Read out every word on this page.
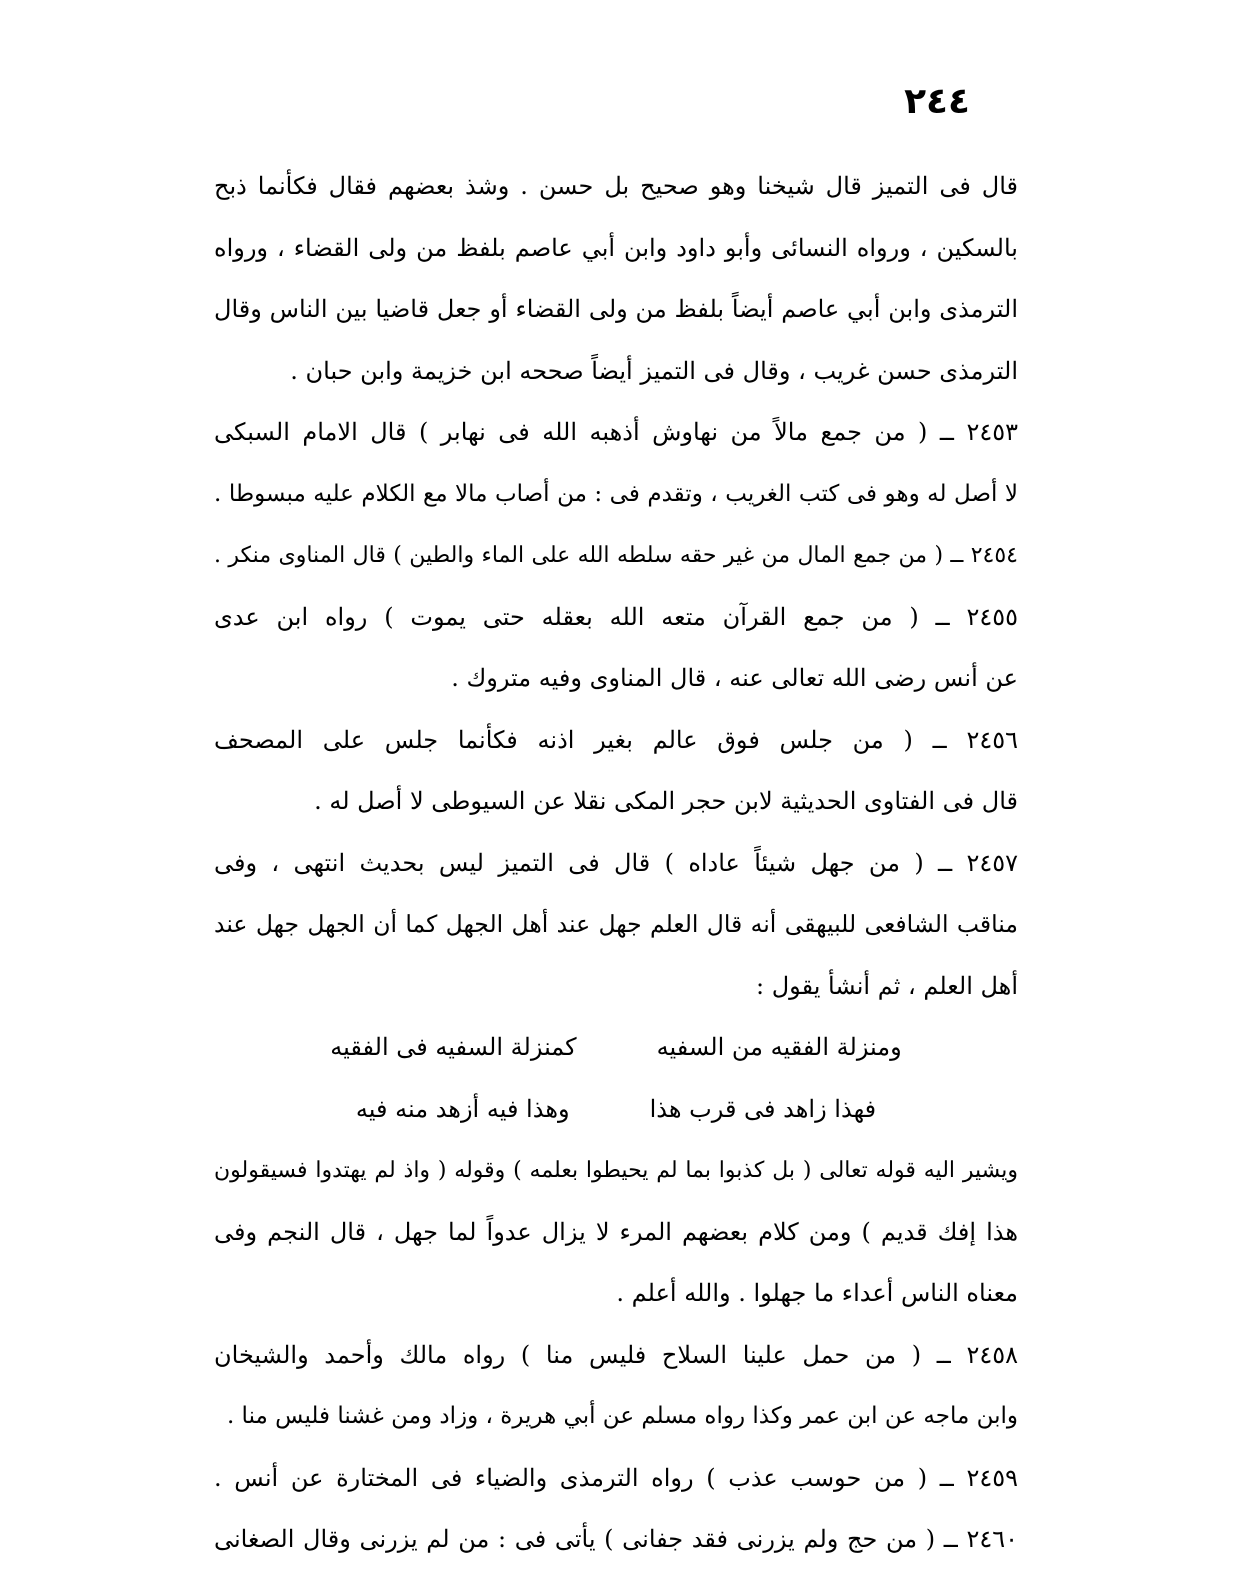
٢٤٤
قال فى التميز قال شيخنا وهو صحيح بل حسن . وشذ بعضهم فقال فكأنما ذبح
بالسكين ، ورواه النسائى وأبو داود وابن أبي عاصم بلفظ من ولى القضاء ، ورواه
الترمذى وابن أبي عاصم أيضاً بلفظ من ولى القضاء أو جعل قاضيا بين الناس وقال
الترمذى حسن غريب ، وقال فى التميز أيضاً صححه ابن خزيمة وابن حبان .
٢٤٥٣ ــ ( من جمع مالاً من نهاوش أذهبه الله فى نهابر ) قال الامام السبكى
لا أصل له وهو فى كتب الغريب ، وتقدم فى : من أصاب مالا مع الكلام عليه مبسوطا .
٢٤٥٤ ــ ( من جمع المال من غير حقه سلطه الله على الماء والطين ) قال المناوى منكر .
٢٤٥٥ ــ ( من جمع القرآن متعه الله بعقله حتى يموت ) رواه ابن عدى
عن أنس رضى الله تعالى عنه ، قال المناوى وفيه متروك .
٢٤٥٦ ــ ( من جلس فوق عالم بغير اذنه فكأنما جلس على المصحف
قال فى الفتاوى الحديثية لابن حجر المكى نقلا عن السيوطى لا أصل له .
٢٤٥٧ ــ ( من جهل شيئاً عاداه ) قال فى التميز ليس بحديث انتهى ، وفى
مناقب الشافعى للبيهقى أنه قال العلم جهل عند أهل الجهل كما أن الجهل جهل عند
أهل العلم ، ثم أنشأ يقول :
ومنزلة الفقيه من السفيه
كمنزلة السفيه فى الفقيه
فهذا زاهد فى قرب هذا
وهذا فيه أزهد منه فيه
ويشير اليه قوله تعالى ( بل كذبوا بما لم يحيطوا بعلمه ) وقوله ( واذ لم يهتدوا فسيقولون
هذا إفك قديم ) ومن كلام بعضهم المرء لا يزال عدواً لما جهل ، قال النجم وفى
معناه الناس أعداء ما جهلوا . والله أعلم .
٢٤٥٨ ــ ( من حمل علينا السلاح فليس منا ) رواه مالك وأحمد والشيخان
وابن ماجه عن ابن عمر وكذا رواه مسلم عن أبي هريرة ، وزاد ومن غشنا فليس منا .
٢٤٥٩ ــ ( من حوسب عذب ) رواه الترمذى والضياء فى المختارة عن أنس .
٢٤٦٠ ــ ( من حج ولم يزرنى فقد جفانى ) يأتى فى : من لم يزرنى وقال الصغانى
